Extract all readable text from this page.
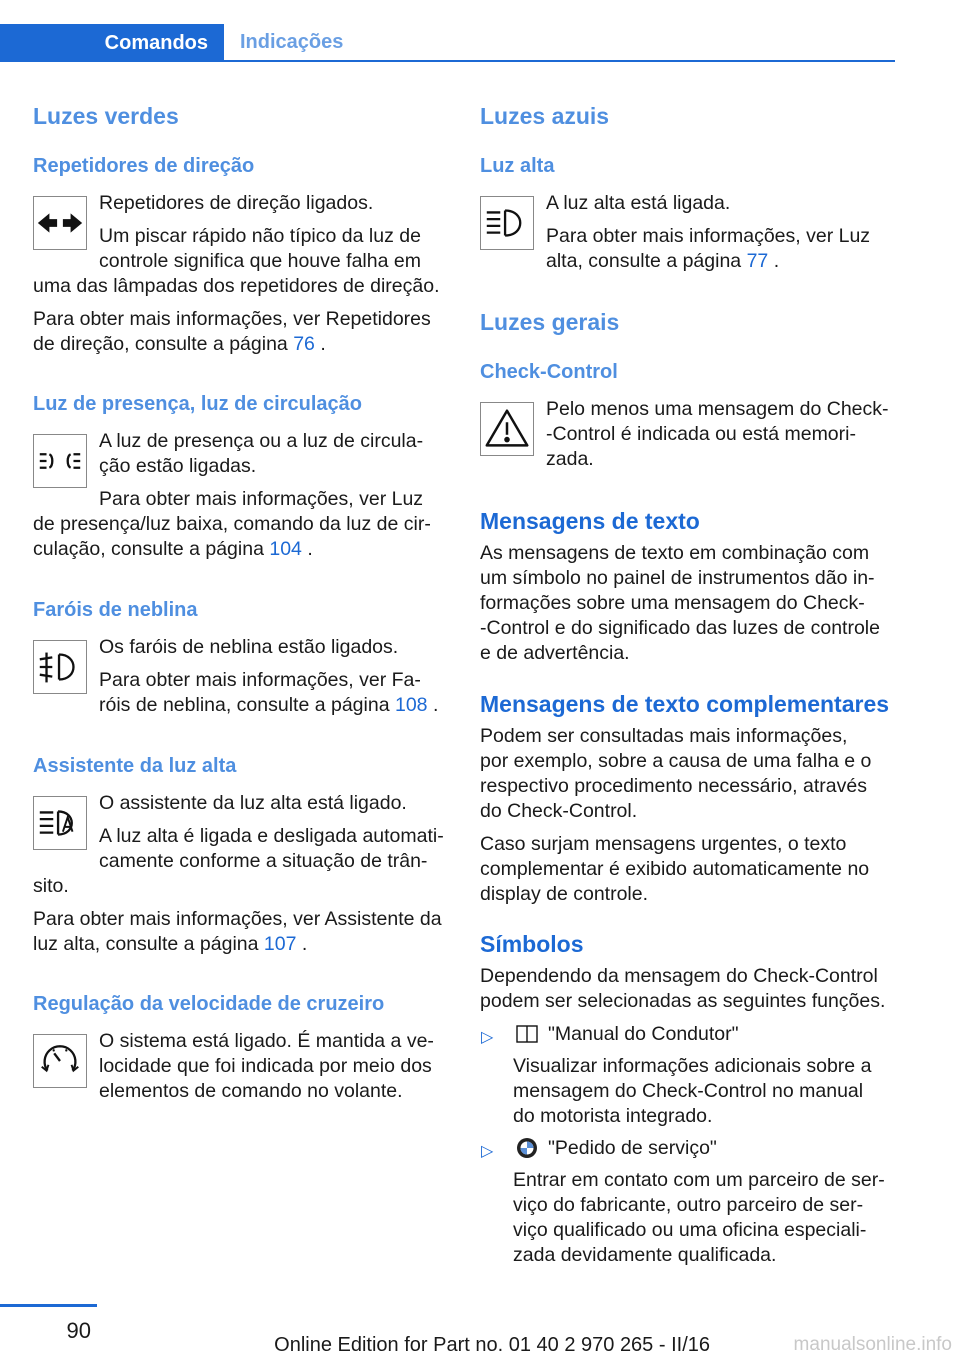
Comandos	Indicações
Luzes verdes
Repetidores de direção
Repetidores de direção ligados.
Um piscar rápido não típico da luz de
controle significa que houve falha em
uma das lâmpadas dos repetidores de direção.
Para obter mais informações, ver Repetidores
de direção, consulte a página 76 .
Luz de presença, luz de circulação
A luz de presença ou a luz de circula‐
ção estão ligadas.
Para obter mais informações, ver Luz
de presença/luz baixa, comando da luz de cir‐
culação, consulte a página 104 .
Faróis de neblina
Os faróis de neblina estão ligados.
Para obter mais informações, ver Fa‐
róis de neblina, consulte a página 108 .
Assistente da luz alta
O assistente da luz alta está ligado.
A luz alta é ligada e desligada automati‐
camente conforme a situação de trân‐
sito.
Para obter mais informações, ver Assistente da
luz alta, consulte a página 107 .
Regulação da velocidade de cruzeiro
O sistema está ligado. É mantida a ve‐
locidade que foi indicada por meio dos
elementos de comando no volante.
Luzes azuis
Luz alta
A luz alta está ligada.
Para obter mais informações, ver Luz
alta, consulte a página 77 .
Luzes gerais
Check-Control
Pelo menos uma mensagem do Check‐
-Control é indicada ou está memori‐
zada.
Mensagens de texto
As mensagens de texto em combinação com
um símbolo no painel de instrumentos dão in‐
formações sobre uma mensagem do Check‐
-Control e do significado das luzes de controle
e de advertência.
Mensagens de texto complementares
Podem ser consultadas mais informações,
por exemplo, sobre a causa de uma falha e o
respectivo procedimento necessário, através
do Check-Control.
Caso surjam mensagens urgentes, o texto
complementar é exibido automaticamente no
display de controle.
Símbolos
Dependendo da mensagem do Check-Control
podem ser selecionadas as seguintes funções.
▷	"Manual do Condutor"
Visualizar informações adicionais sobre a
mensagem do Check-Control no manual
do motorista integrado.
▷	"Pedido de serviço"
Entrar em contato com um parceiro de ser‐
viço do fabricante, outro parceiro de ser‐
viço qualificado ou uma oficina especiali‐
zada devidamente qualificada.
90
Online Edition for Part no. 01 40 2 970 265 - II/16	manualsonline.info
